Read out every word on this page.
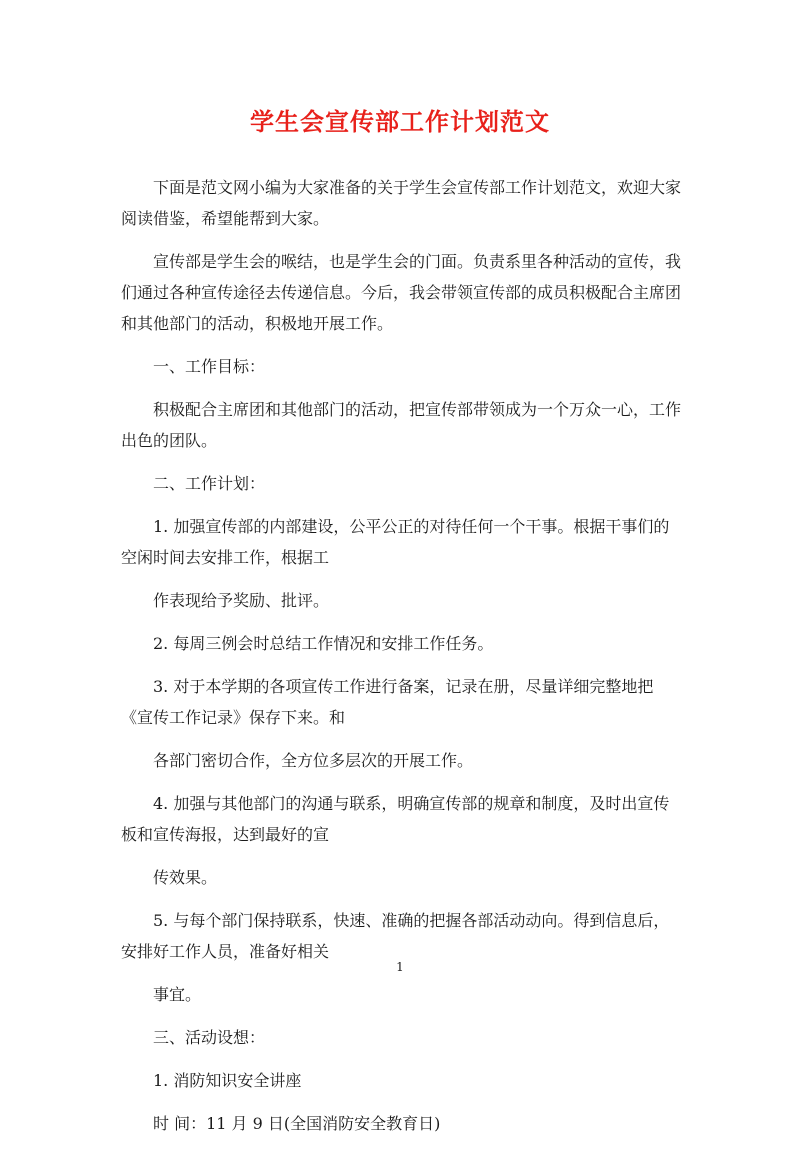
学生会宣传部工作计划范文

下面是范文网小编为大家准备的关于学生会宣传部工作计划范文，欢迎大家阅读借鉴，希望能帮到大家。

宣传部是学生会的喉结，也是学生会的门面。负责系里各种活动的宣传，我们通过各种宣传途径去传递信息。今后，我会带领宣传部的成员积极配合主席团和其他部门的活动，积极地开展工作。

一、工作目标：

积极配合主席团和其他部门的活动，把宣传部带领成为一个万众一心，工作出色的团队。

二、工作计划：

1. 加强宣传部的内部建设，公平公正的对待任何一个干事。根据干事们的空闲时间去安排工作，根据工

作表现给予奖励、批评。

2. 每周三例会时总结工作情况和安排工作任务。

3. 对于本学期的各项宣传工作进行备案，记录在册，尽量详细完整地把《宣传工作记录》保存下来。和

各部门密切合作，全方位多层次的开展工作。

4. 加强与其他部门的沟通与联系，明确宣传部的规章和制度，及时出宣传板和宣传海报，达到最好的宣

传效果。

5. 与每个部门保持联系，快速、准确的把握各部活动动向。得到信息后，安排好工作人员，准备好相关

事宜。

三、活动设想：

1. 消防知识安全讲座

时 间：11 月 9 日(全国消防安全教育日)

1
